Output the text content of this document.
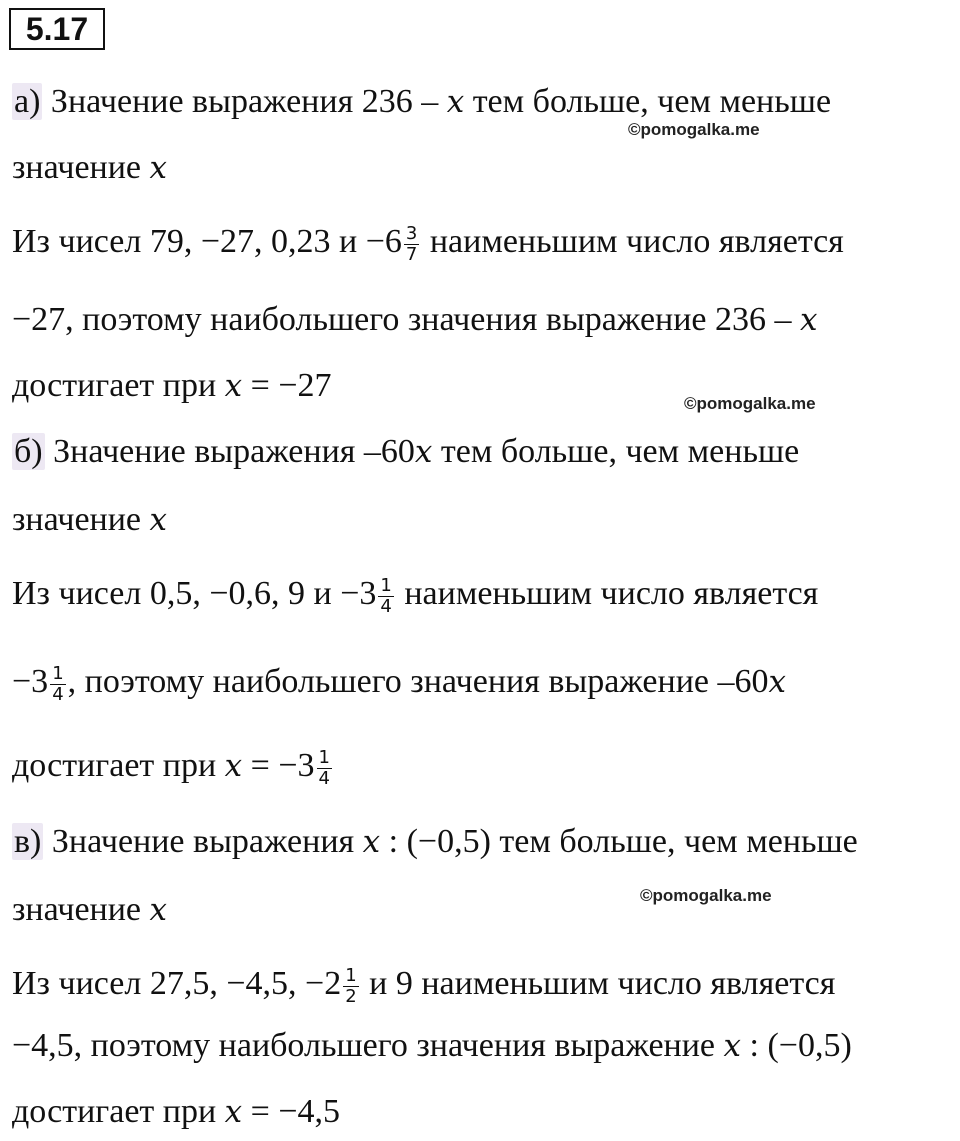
5.17
а) Значение выражения 236 – x тем больше, чем меньше
©pomogalka.me
значение x
Из чисел 79, −27, 0,23 $и -6 \frac{3}{7}$ наименьшим число является
−27, поэтому наибольшего значения выражение 236 – x
достигает при x = −27	©pomogalka.me
б) Значение выражения –60x тем больше, чем меньше
значение x
Из чисел 0,5, −0,6, 9 $и -3 \frac{1}{4}$ наименьшим число является
$-3 \frac{1}{4}$ , поэтому наибольшего значения выражение –60x
достигает при $x = -3 \frac{1}{4}$
в) Значение выражения x : (−0,5) тем больше, чем меньше
©pomogalka.me
значение x
Из чисел 27,5, −4,5, $-2 \frac{1}{2}$ и 9 наименьшим число является
−4,5, поэтому наибольшего значения выражение x : (−0,5)
достигает при x = −4,5
